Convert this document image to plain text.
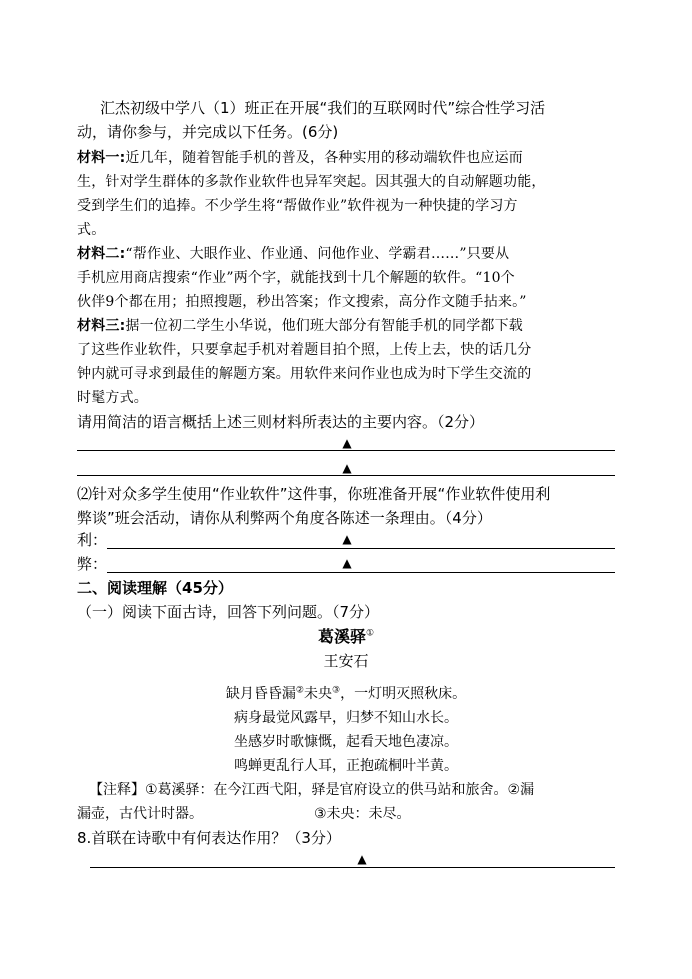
汇杰初级中学八（1）班正在开展“我们的互联网时代”综合性学习活
动，请你参与，并完成以下任务。(6分)
材料一:近几年，随着智能手机的普及，各种实用的移动端软件也应运而
生，针对学生群体的多款作业软件也异军突起。因其强大的自动解题功能，
受到学生们的追捧。不少学生将“帮做作业”软件视为一种快捷的学习方
式。
材料二:“帮作业、大眼作业、作业通、问他作业、学霸君……”只要从
手机应用商店搜索“作业”两个字，就能找到十几个解题的软件。“10个
伙伴9个都在用；拍照搜题，秒出答案；作文搜索，高分作文随手拈来。”
材料三:据一位初二学生小华说，他们班大部分有智能手机的同学都下载
了这些作业软件，只要拿起手机对着题目拍个照，上传上去，快的话几分
钟内就可寻求到最佳的解题方案。用软件来问作业也成为时下学生交流的
时髦方式。
请用简洁的语言概括上述三则材料所表达的主要内容。（2分）
▲
▲
⑵针对众多学生使用“作业软件”这件事，你班准备开展“作业软件使用利
弊谈”班会活动，请你从利弊两个角度各陈述一条理由。（4分）
利：	▲
弊：	▲
二、阅读理解（45分）
（一）阅读下面古诗，回答下列问题。（7分）
葛溪驿①
王安石
缺月昏昏漏②未央③，一灯明灭照秋床。
病身最觉风露早，归梦不知山水长。
坐感岁时歌慷慨，起看天地色凄凉。
鸣蝉更乱行人耳，正抱疏桐叶半黄。
【注释】①葛溪驿：在今江西弋阳，驿是官府设立的供马站和旅舍。②漏
漏壶，古代计时器。	③未央：未尽。
8.首联在诗歌中有何表达作用？（3分）
▲
